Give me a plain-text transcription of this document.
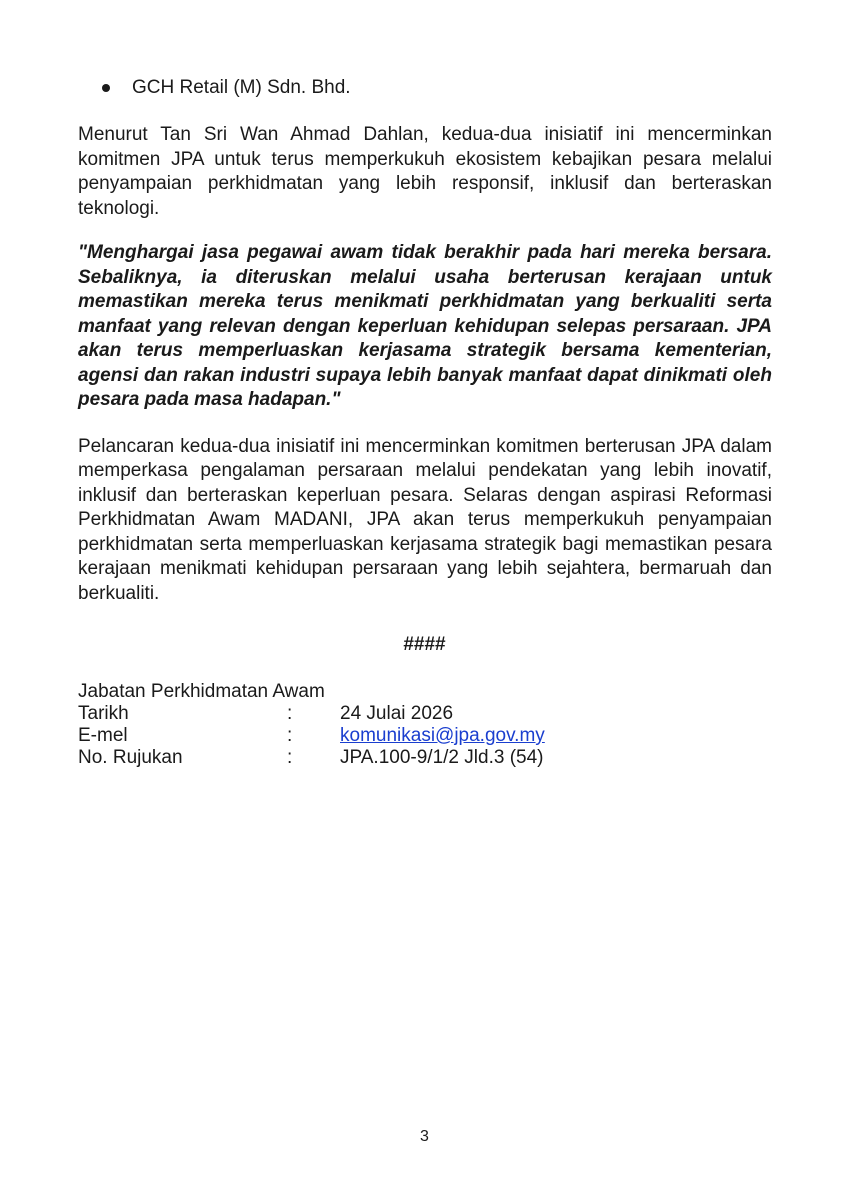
GCH Retail (M) Sdn. Bhd.

Menurut Tan Sri Wan Ahmad Dahlan, kedua-dua inisiatif ini mencerminkan komitmen JPA untuk terus memperkukuh ekosistem kebajikan pesara melalui penyampaian perkhidmatan yang lebih responsif, inklusif dan berteraskan teknologi.

"Menghargai jasa pegawai awam tidak berakhir pada hari mereka bersara. Sebaliknya, ia diteruskan melalui usaha berterusan kerajaan untuk memastikan mereka terus menikmati perkhidmatan yang berkualiti serta manfaat yang relevan dengan keperluan kehidupan selepas persaraan. JPA akan terus memperluaskan kerjasama strategik bersama kementerian, agensi dan rakan industri supaya lebih banyak manfaat dapat dinikmati oleh pesara pada masa hadapan."

Pelancaran kedua-dua inisiatif ini mencerminkan komitmen berterusan JPA dalam memperkasa pengalaman persaraan melalui pendekatan yang lebih inovatif, inklusif dan berteraskan keperluan pesara. Selaras dengan aspirasi Reformasi Perkhidmatan Awam MADANI, JPA akan terus memperkukuh penyampaian perkhidmatan serta memperluaskan kerjasama strategik bagi memastikan pesara kerajaan menikmati kehidupan persaraan yang lebih sejahtera, bermaruah dan berkualiti.

####
Jabatan Perkhidmatan Awam
Tarikh	:	24 Julai 2026
E-mel	:	komunikasi@jpa.gov.my
No. Rujukan	:	JPA.100-9/1/2 Jld.3 (54)
3
